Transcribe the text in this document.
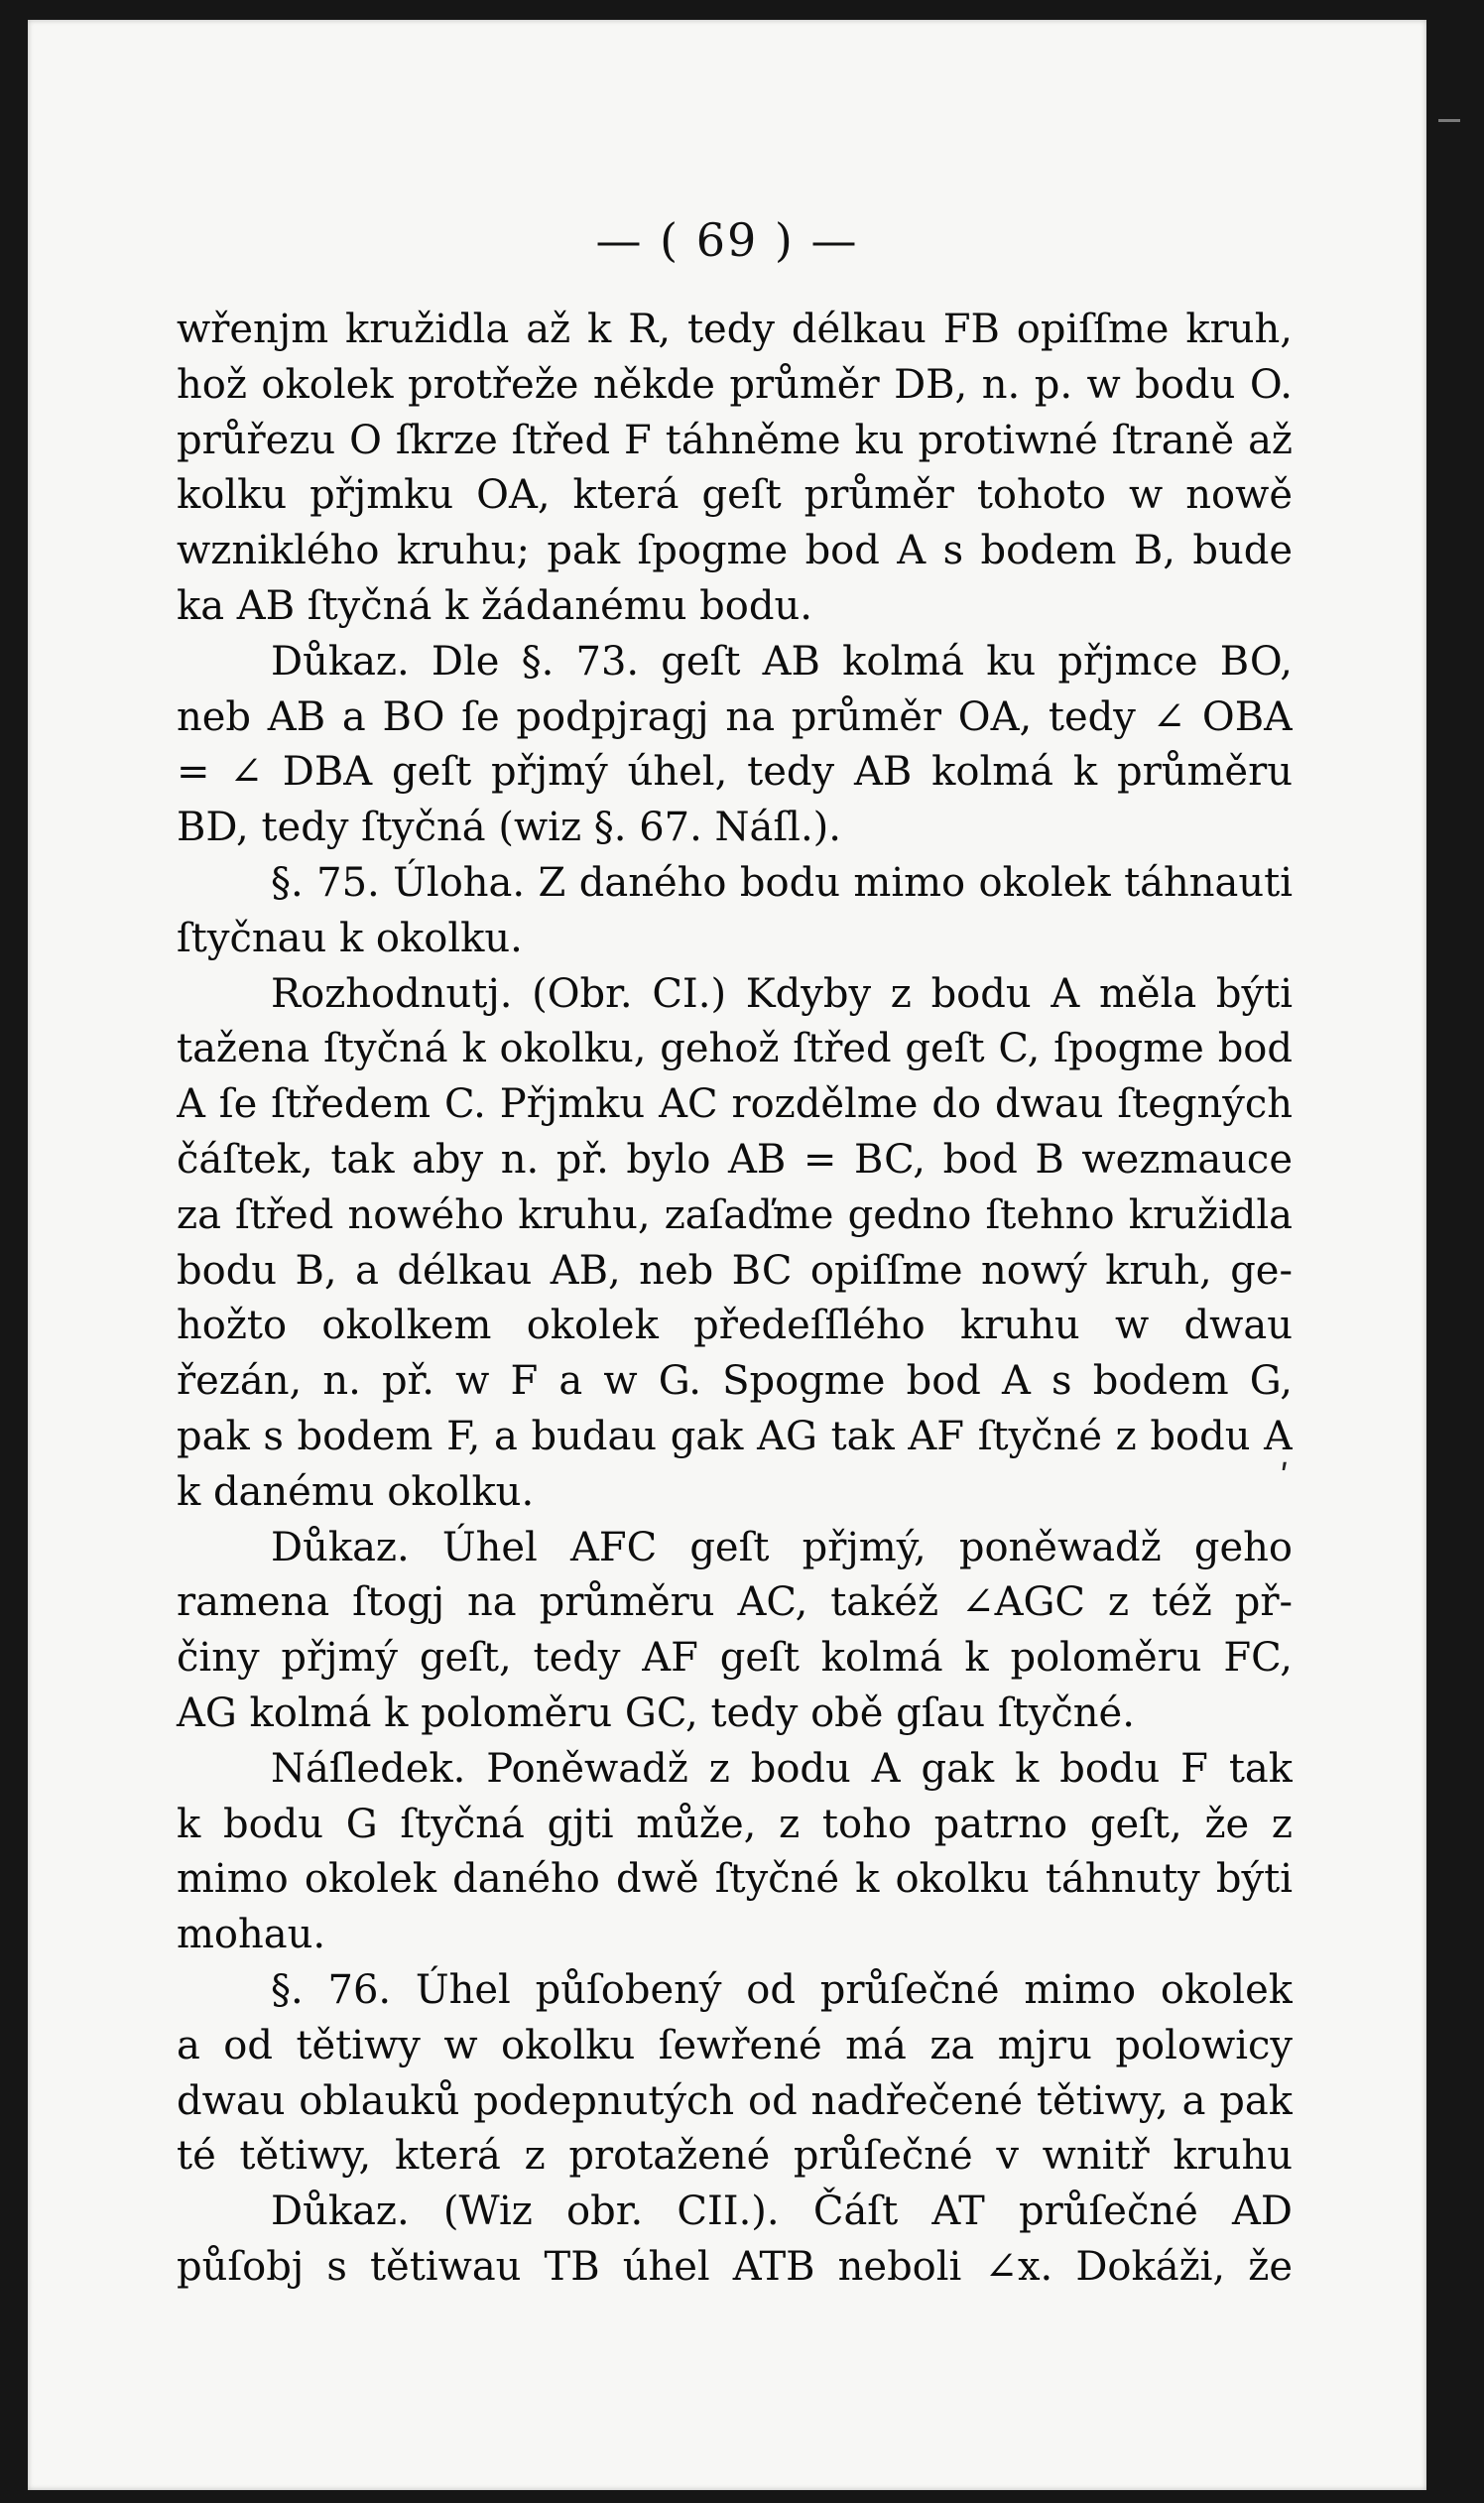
— ( 69 ) —
wřenjm kružidla až k R, tedy délkau FB opiſſme kruh,
hož okolek protřeže někde průměr DB, n. p. w bodu O.
průřezu O ſkrze ſtřed F táhněme ku protiwné ſtraně až
kolku přjmku OA, která geſt průměr tohoto w nowě
wzniklého kruhu; pak ſpogme bod A s bodem B, bude
ka AB ſtyčná k žádanému bodu.
Důkaz. Dle §. 73. geſt AB kolmá ku přjmce BO,
neb AB a BO ſe podpjragj na průměr OA, tedy ∠ OBA
= ∠ DBA geſt přjmý úhel, tedy AB kolmá k průměru
BD, tedy ſtyčná (wiz §. 67. Náſl.).
§. 75. Úloha. Z daného bodu mimo okolek táhnauti
ſtyčnau k okolku.
Rozhodnutj. (Obr. CI.) Kdyby z bodu A měla býti
tažena ſtyčná k okolku, gehož ſtřed geſt C, ſpogme bod
A ſe ſtředem C. Přjmku AC rozdělme do dwau ſtegných
čáſtek, tak aby n. př. bylo AB = BC, bod B wezmauce
za ſtřed nowého kruhu, zaſaďme gedno ſtehno kružidla
bodu B, a délkau AB, neb BC opiſſme nowý kruh, ge-
hožto okolkem okolek předeſſlého kruhu w dwau
řezán, n. př. w F a w G. Spogme bod A s bodem G,
pak s bodem F, a budau gak AG tak AF ſtyčné z bodu A
k danému okolku.
Důkaz. Úhel AFC geſt přjmý, poněwadž geho
ramena ſtogj na průměru AC, takéž ∠AGC z též př-
činy přjmý geſt, tedy AF geſt kolmá k poloměru FC,
AG kolmá k poloměru GC, tedy obě gſau ſtyčné.
Náſledek. Poněwadž z bodu A gak k bodu F tak
k bodu G ſtyčná gjti může, z toho patrno geſt, že z
mimo okolek daného dwě ſtyčné k okolku táhnuty býti
mohau.
§. 76. Úhel půſobený od průſečné mimo okolek
a od tětiwy w okolku ſewřené má za mjru polowicy
dwau oblauků podepnutých od nadřečené tětiwy, a pak
té tětiwy, která z protažené průſečné v wnitř kruhu
Důkaz. (Wiz obr. CII.). Čáſt AT průſečné AD
půſobj s tětiwau TB úhel ATB neboli ∠x. Dokáži, že
ʹ
